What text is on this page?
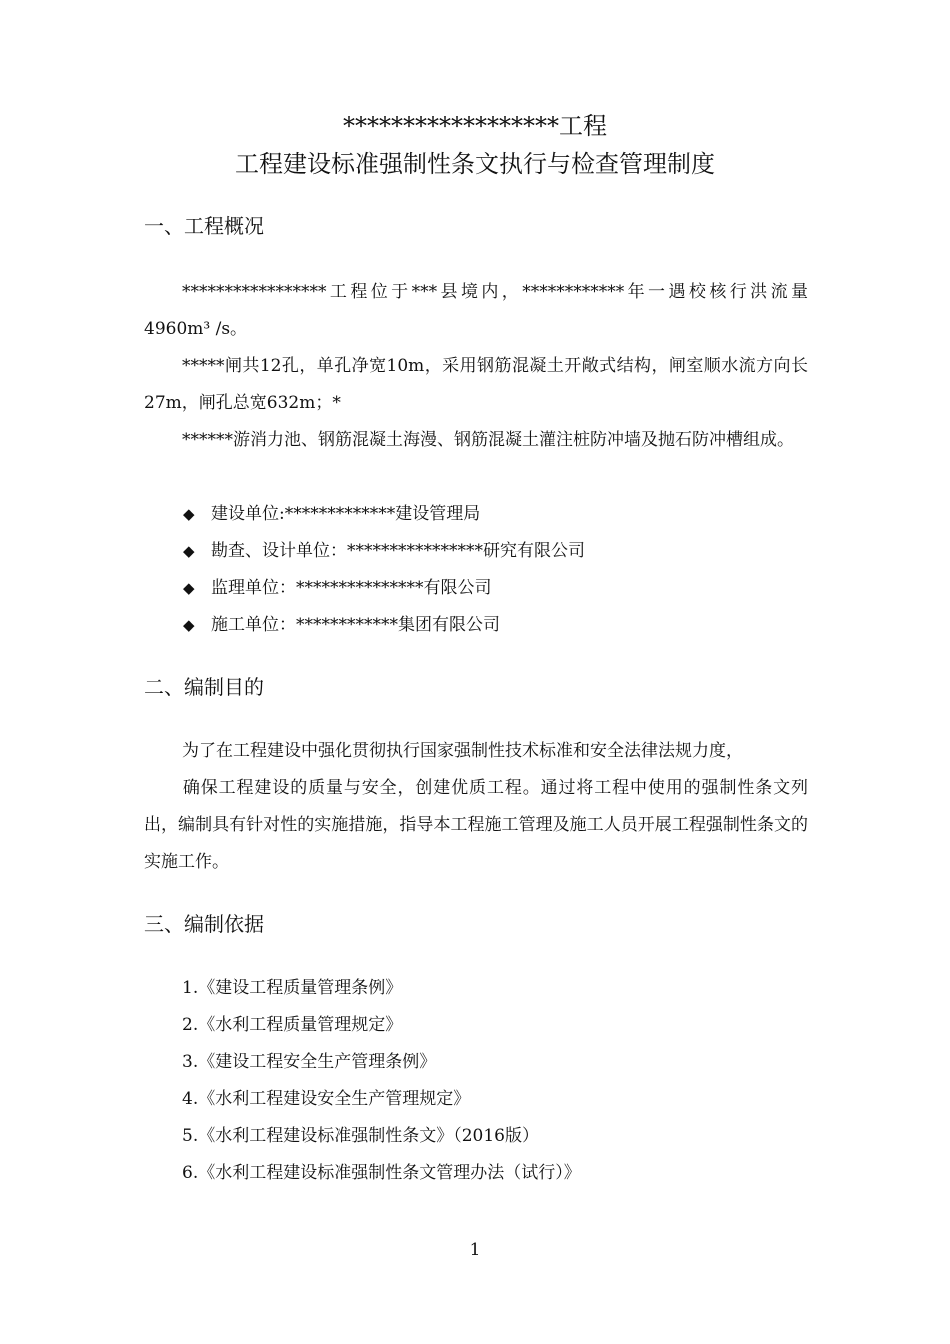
******************工程
工程建设标准强制性条文执行与检查管理制度
一、工程概况
*****************工程位于***县境内，************年一遇校核行洪流量4960m³ /s。
*****闸共12孔，单孔净宽10m，采用钢筋混凝土开敞式结构，闸室顺水流方向长27m，闸孔总宽632m；*
******游消力池、钢筋混凝土海漫、钢筋混凝土灌注桩防冲墙及抛石防冲槽组成。
◆ 建设单位:*************建设管理局
◆ 勘查、设计单位：****************研究有限公司
◆ 监理单位：***************有限公司
◆ 施工单位：************集团有限公司
二、编制目的
为了在工程建设中强化贯彻执行国家强制性技术标准和安全法律法规力度，
确保工程建设的质量与安全，创建优质工程。通过将工程中使用的强制性条文列出，编制具有针对性的实施措施，指导本工程施工管理及施工人员开展工程强制性条文的实施工作。
三、编制依据
1.《建设工程质量管理条例》
2.《水利工程质量管理规定》
3.《建设工程安全生产管理条例》
4.《水利工程建设安全生产管理规定》
5.《水利工程建设标准强制性条文》（2016版）
6.《水利工程建设标准强制性条文管理办法（试行）》
1
